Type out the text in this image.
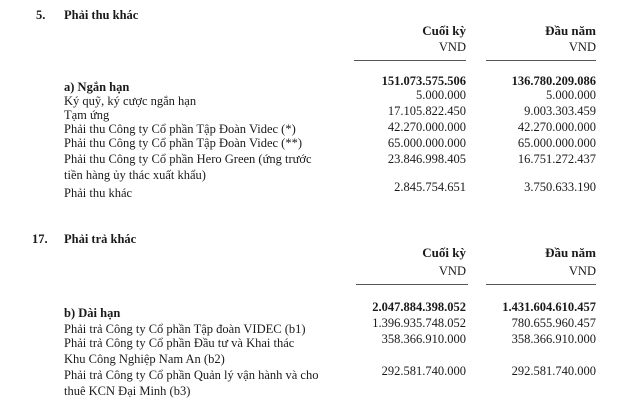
5. Phải thu khác
Cuối kỳ	Đầu năm
VND	VND
a) Ngắn hạn	151.073.575.506	136.780.209.086
Ký quỹ, ký cược ngắn hạn	5.000.000	5.000.000
Tạm ứng	17.105.822.450	9.003.303.459
Phải thu Công ty Cổ phần Tập Đoàn Videc (*)	42.270.000.000	42.270.000.000
Phải thu Công ty Cổ phần Tập Đoàn Videc (**)	65.000.000.000	65.000.000.000
Phải thu Công ty Cổ phần Hero Green (ứng trước
tiền hàng ủy thác xuất khẩu)
23.846.998.405	16.751.272.437
Phải thu khác	2.845.754.651	3.750.633.190
17. Phải trả khác
Cuối kỳ	Đầu năm
VND	VND
b) Dài hạn	2.047.884.398.052	1.431.604.610.457
Phải trả Công ty Cổ phần Tập đoàn VIDEC (b1)	1.396.935.748.052	780.655.960.457
Phải trả Công ty Cổ phần Đầu tư và Khai thác
Khu Công Nghiệp Nam An (b2)
358.366.910.000	358.366.910.000
Phải trả Công ty Cổ phần Quản lý vận hành và cho
thuê KCN Đại Minh (b3)
292.581.740.000	292.581.740.000
